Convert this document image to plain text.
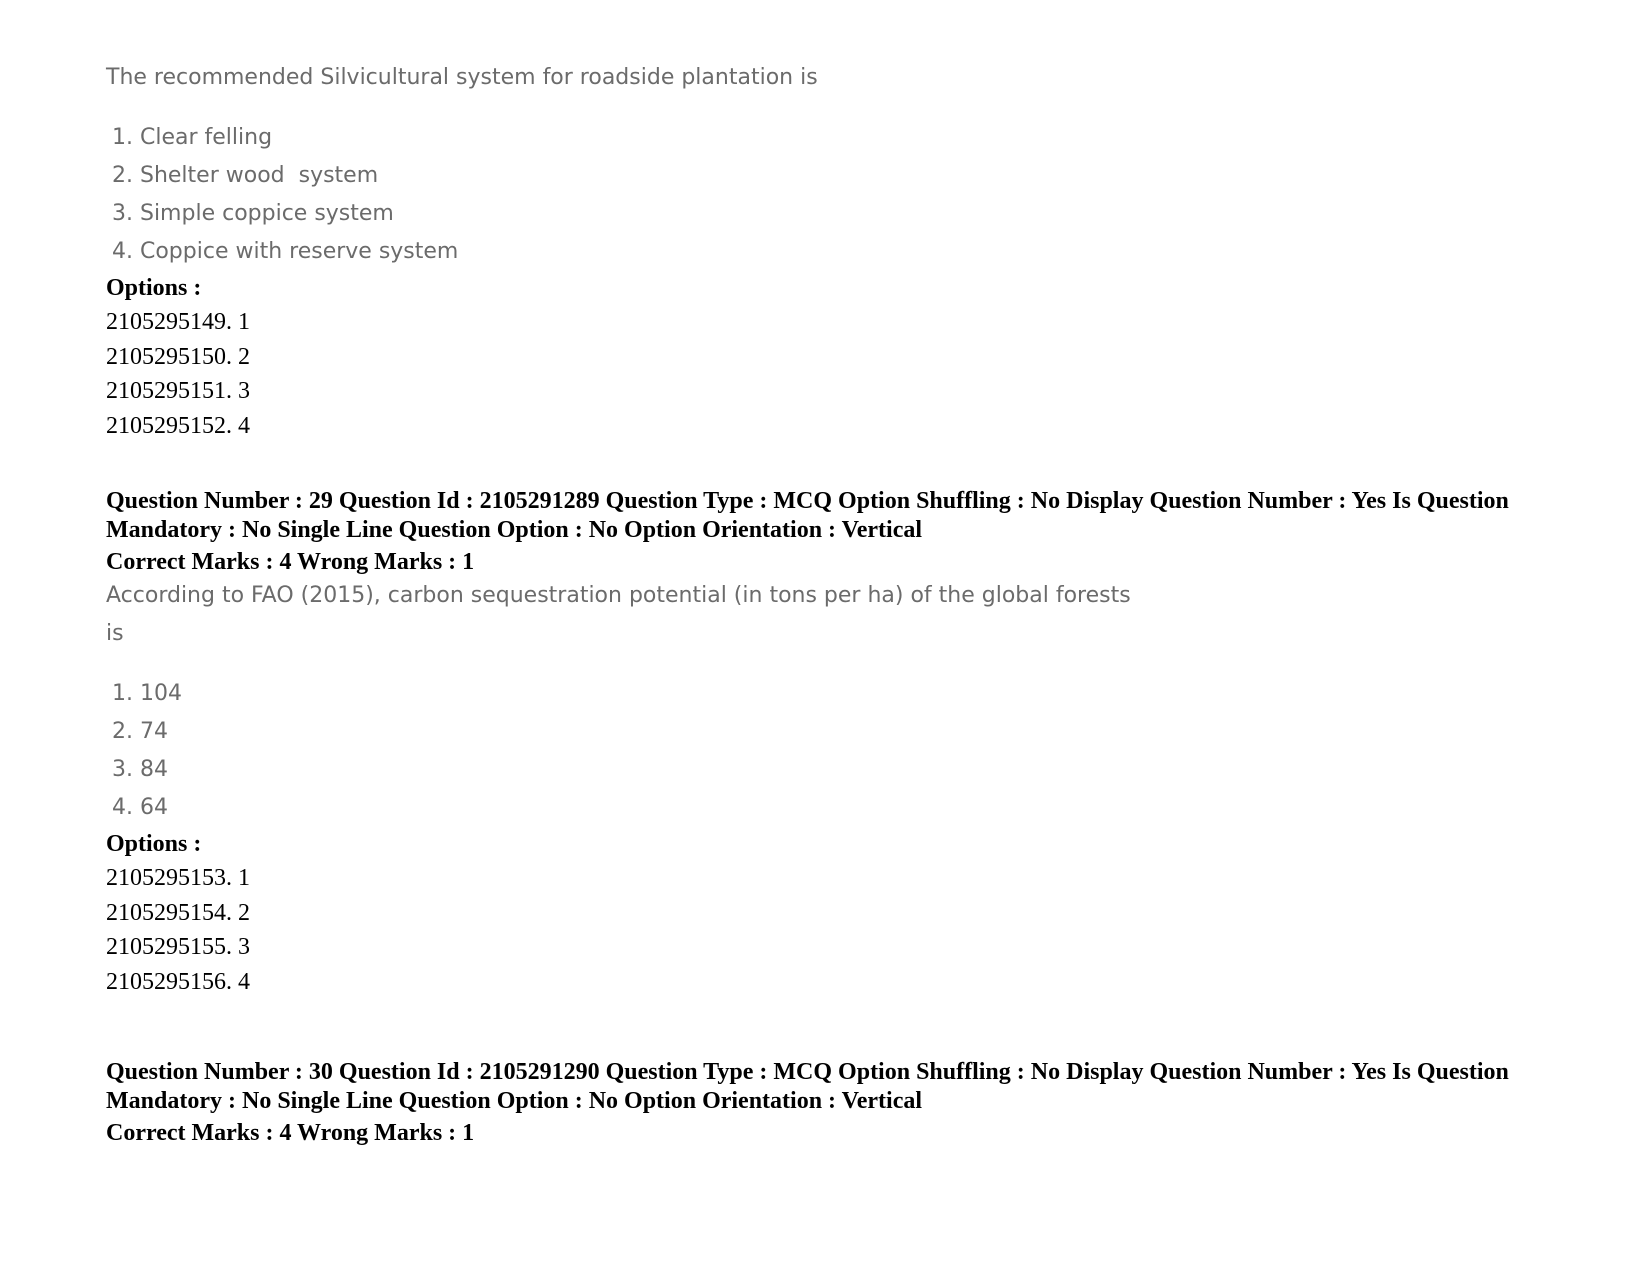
The recommended Silvicultural system for roadside plantation is

1. Clear felling
2. Shelter wood  system
3. Simple coppice system
4. Coppice with reserve system

Options :

2105295149. 1
2105295150. 2
2105295151. 3
2105295152. 4

Question Number : 29 Question Id : 2105291289 Question Type : MCQ Option Shuffling : No Display Question Number : Yes Is Question Mandatory : No Single Line Question Option : No Option Orientation : Vertical

Correct Marks : 4 Wrong Marks : 1

According to FAO (2015), carbon sequestration potential (in tons per ha) of the global forests

is

1. 104
2. 74
3. 84
4. 64

Options :

2105295153. 1
2105295154. 2
2105295155. 3
2105295156. 4

Question Number : 30 Question Id : 2105291290 Question Type : MCQ Option Shuffling : No Display Question Number : Yes Is Question Mandatory : No Single Line Question Option : No Option Orientation : Vertical

Correct Marks : 4 Wrong Marks : 1
